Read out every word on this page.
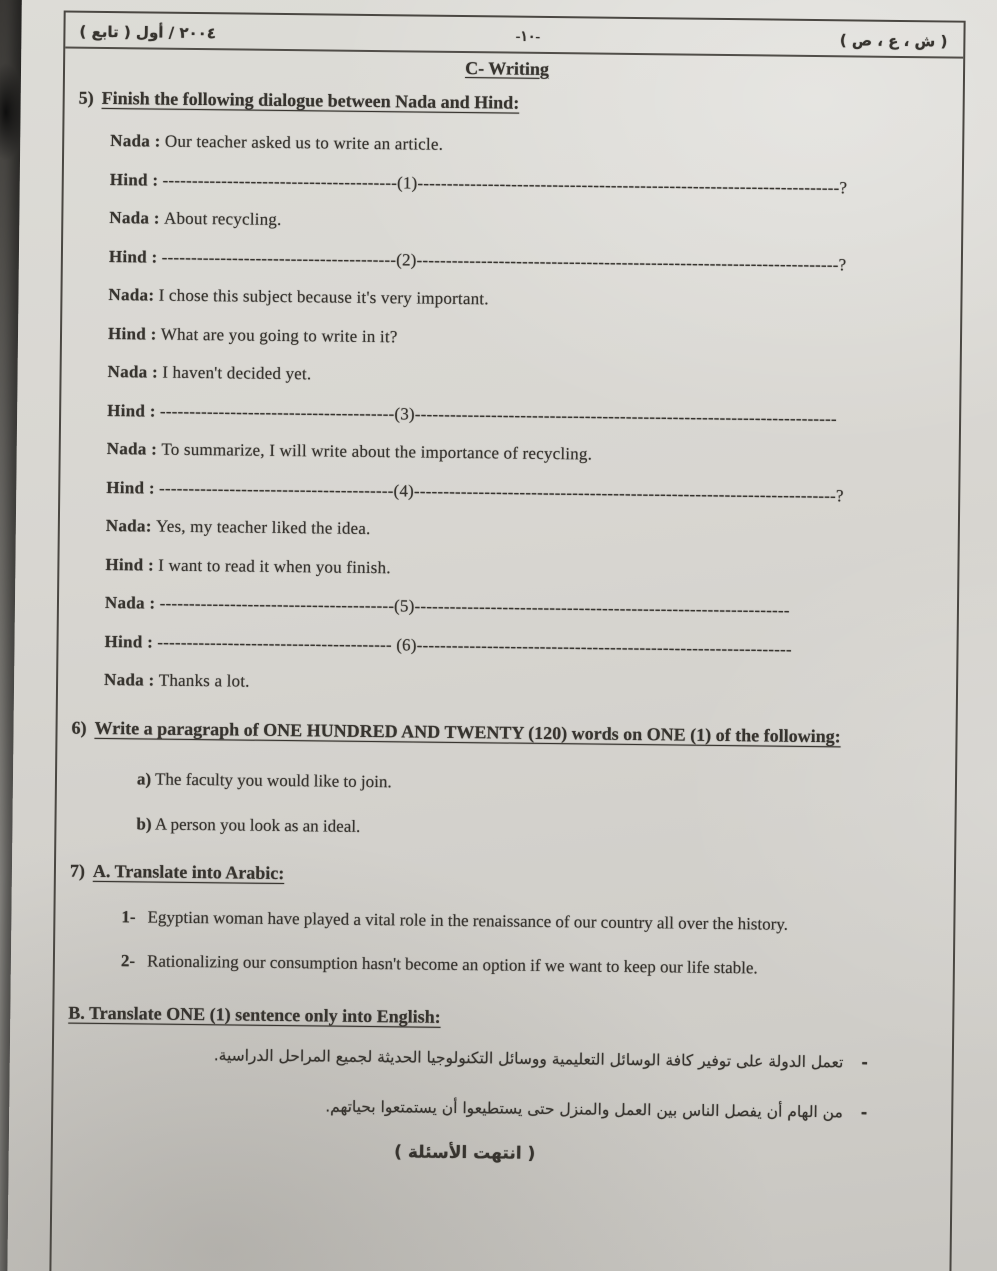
٢٠٠٤ / أول ( تابع )	-١٠-	( ش ، ع ، ص )
C- Writing
5) Finish the following dialogue between Nada and Hind:
Nada : Our teacher asked us to write an article.
Hind : ----------------------------------------(1)------------------------------------------------------------------------?
Nada : About recycling.
Hind : ----------------------------------------(2)------------------------------------------------------------------------?
Nada: I chose this subject because it's very important.
Hind : What are you going to write in it?
Nada : I haven't decided yet.
Hind : ----------------------------------------(3)------------------------------------------------------------------------
Nada : To summarize, I will write about the importance of recycling.
Hind : ----------------------------------------(4)------------------------------------------------------------------------?
Nada: Yes, my teacher liked the idea.
Hind : I want to read it when you finish.
Nada : ----------------------------------------(5)----------------------------------------------------------------
Hind : ---------------------------------------- (6)----------------------------------------------------------------
Nada : Thanks a lot.
6) Write a paragraph of ONE HUNDRED AND TWENTY (120) words on ONE (1) of the following:
a) The faculty you would like to join.
b) A person you look as an ideal.
7) A. Translate into Arabic:
1- Egyptian woman have played a vital role in the renaissance of our country all over the history.
2- Rationalizing our consumption hasn't become an option if we want to keep our life stable.
B. Translate ONE (1) sentence only into English:
-
تعمل الدولة على توفير كافة الوسائل التعليمية ووسائل التكنولوجيا الحديثة لجميع المراحل الدراسية.
-
من الهام أن يفصل الناس بين العمل والمنزل حتى يستطيعوا أن يستمتعوا بحياتهم.
( انتهت الأسئلة )
